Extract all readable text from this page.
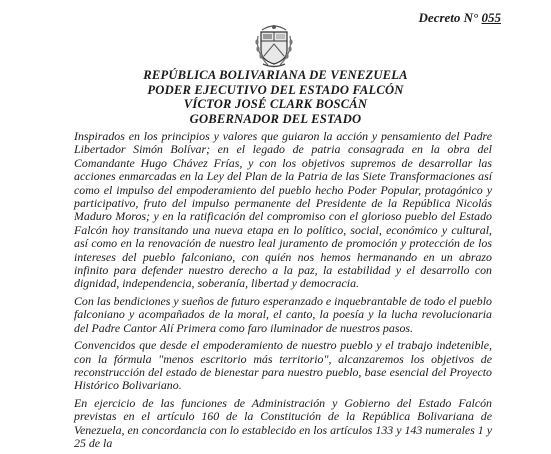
Decreto N° 055
REPÚBLICA BOLIVARIANA DE VENEZUELA
PODER EJECUTIVO DEL ESTADO FALCÓN
VÍCTOR JOSÉ CLARK BOSCÁN
GOBERNADOR DEL ESTADO

Inspirados en los principios y valores que guiaron la acción y pensamiento del Padre Libertador Simón Bolívar; en el legado de patria consagrada en la obra del Comandante Hugo Chávez Frías, y con los objetivos supremos de desarrollar las acciones enmarcadas en la Ley del Plan de la Patria de las Siete Transformaciones así como el impulso del empoderamiento del pueblo hecho Poder Popular, protagónico y participativo, fruto del impulso permanente del Presidente de la República Nicolás Maduro Moros; y en la ratificación del compromiso con el glorioso pueblo del Estado Falcón hoy transitando una nueva etapa en lo político, social, económico y cultural, así como en la renovación de nuestro leal juramento de promoción y protección de los intereses del pueblo falconiano, con quién nos hemos hermanando en un abrazo infinito para defender nuestro derecho a la paz, la estabilidad y el desarrollo con dignidad, independencia, soberanía, libertad y democracia.

Con las bendiciones y sueños de futuro esperanzado e inquebrantable de todo el pueblo falconiano y acompañados de la moral, el canto, la poesía y la lucha revolucionaria del Padre Cantor Alí Primera como faro iluminador de nuestros pasos.

Convencidos que desde el empoderamiento de nuestro pueblo y el trabajo indetenible, con la fórmula "menos escritorio más territorio", alcanzaremos los objetivos de reconstrucción del estado de bienestar para nuestro pueblo, base esencial del Proyecto Histórico Bolivariano.

En ejercicio de las funciones de Administración y Gobierno del Estado Falcón previstas en el artículo 160 de la Constitución de la República Bolivariana de Venezuela, en concordancia con lo establecido en los artículos 133 y 143 numerales 1 y 25 de la
